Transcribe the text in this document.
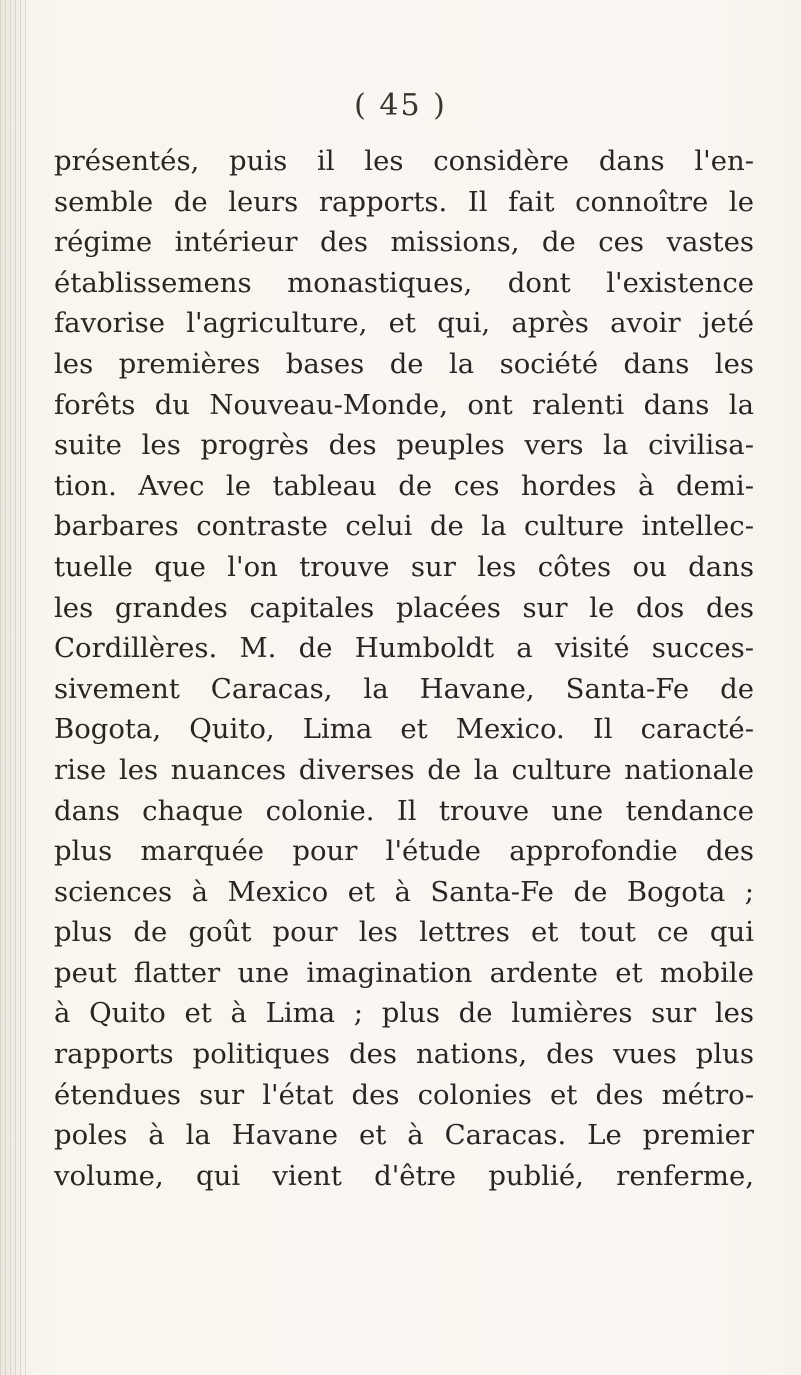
( 45 )
présentés, puis il les considère dans l'en-
semble de leurs rapports. Il fait connoître le
régime intérieur des missions, de ces vastes
établissemens monastiques, dont l'existence
favorise l'agriculture, et qui, après avoir jeté
les premières bases de la société dans les
forêts du Nouveau-Monde, ont ralenti dans la
suite les progrès des peuples vers la civilisa-
tion. Avec le tableau de ces hordes à demi-
barbares contraste celui de la culture intellec-
tuelle que l'on trouve sur les côtes ou dans
les grandes capitales placées sur le dos des
Cordillères. M. de Humboldt a visité succes-
sivement Caracas, la Havane, Santa-Fe de
Bogota, Quito, Lima et Mexico. Il caracté-
rise les nuances diverses de la culture nationale
dans chaque colonie. Il trouve une tendance
plus marquée pour l'étude approfondie des
sciences à Mexico et à Santa-Fe de Bogota ;
plus de goût pour les lettres et tout ce qui
peut flatter une imagination ardente et mobile
à Quito et à Lima ; plus de lumières sur les
rapports politiques des nations, des vues plus
étendues sur l'état des colonies et des métro-
poles à la Havane et à Caracas. Le premier
volume, qui vient d'être publié, renferme,
